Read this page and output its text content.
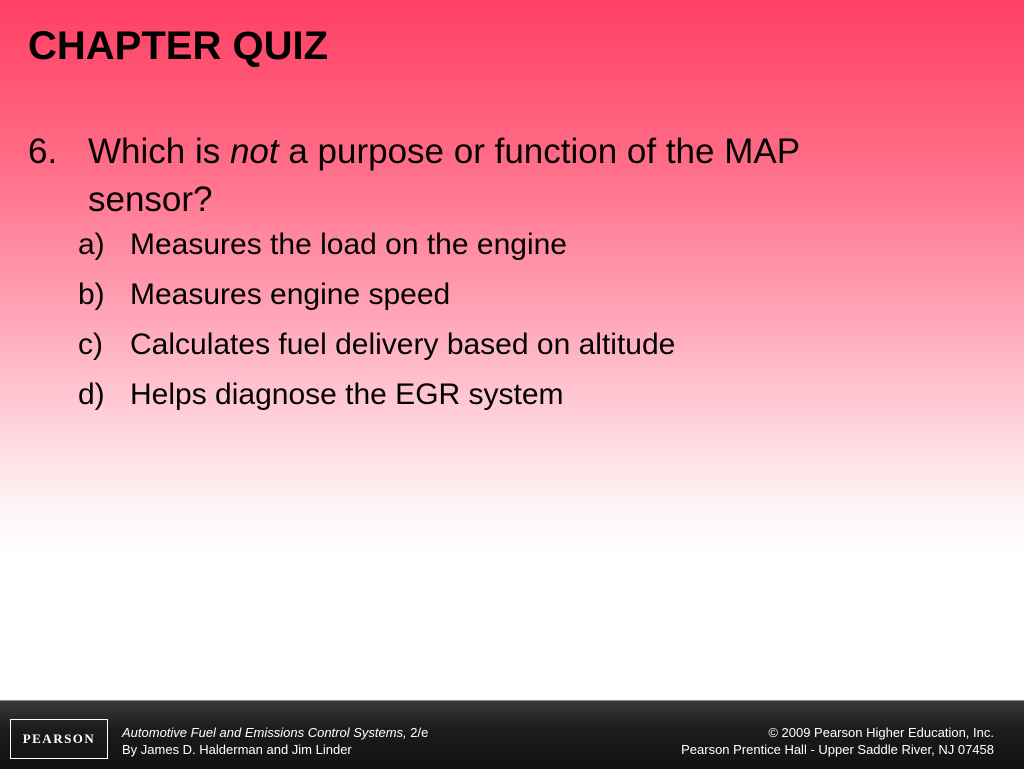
CHAPTER QUIZ
6. Which is not a purpose or function of the MAP sensor?
a) Measures the load on the engine
b) Measures engine speed
c) Calculates fuel delivery based on altitude
d) Helps diagnose the EGR system
PEARSON	Automotive Fuel and Emissions Control Systems, 2/e
By James D. Halderman and Jim Linder
© 2009 Pearson Higher Education, Inc.
Pearson Prentice Hall - Upper Saddle River, NJ 07458
